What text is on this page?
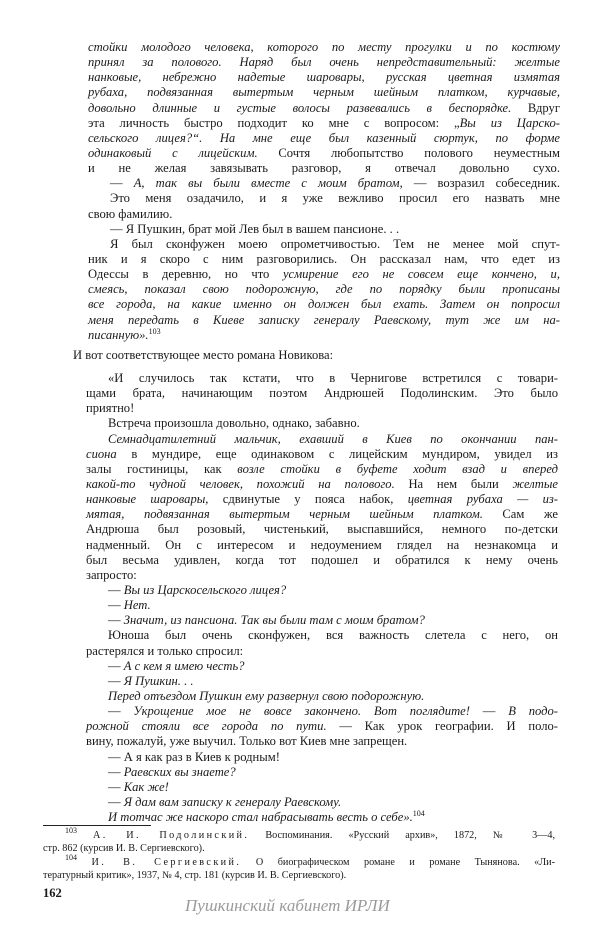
стойки молодого человека, которого по месту прогулки и по костюму
принял за полового. Наряд был очень непредставительный: желтые
нанковые, небрежно надетые шаровары, русская цветная измятая
рубаха, подвязанная вытертым черным шейным платком, курчавые,
довольно длинные и густые волосы развевались в беспорядке. Вдруг
эта личность быстро подходит ко мне с вопросом: „Вы из Царско-
сельского лицея?“. На мне еще был казенный сюртук, по форме
одинаковый с лицейским. Сочтя любопытство полового неуместным
и не желая завязывать разговор, я отвечал довольно сухо.
— А, так вы были вместе с моим братом, — возразил собеседник.
Это меня озадачило, и я уже вежливо просил его назвать мне
свою фамилию.
— Я Пушкин, брат мой Лев был в вашем пансионе. . .
Я был сконфужен моею опрометчивостью. Тем не менее мой спут-
ник и я скоро с ним разговорились. Он рассказал нам, что едет из
Одессы в деревню, но что усмирение его не совсем еще кончено, и,
смеясь, показал свою подорожную, где по порядку были прописаны
все города, на какие именно он должен был ехать. Затем он попросил
меня передать в Киеве записку генералу Раевскому, тут же им на-
писанную».$^{103}$
И вот соответствующее место романа Новикова:
«И случилось так кстати, что в Чернигове встретился с товари-
щами брата, начинающим поэтом Андрюшей Подолинским. Это было
приятно!
Встреча произошла довольно, однако, забавно.
Семнадцатилетний мальчик, ехавший в Киев по окончании пан-
сиона в мундире, еще одинаковом с лицейским мундиром, увидел из
залы гостиницы, как возле стойки в буфете ходит взад и вперед
какой-то чудной человек, похожий на полового. На нем были желтые
нанковые шаровары, сдвинутые у пояса набок, цветная рубаха — из-
мятая, подвязанная вытертым черным шейным платком. Сам же
Андрюша был розовый, чистенький, выспавшийся, немного по-детски
надменный. Он с интересом и недоумением глядел на незнакомца и
был весьма удивлен, когда тот подошел и обратился к нему очень
запросто:
— Вы из Царскосельского лицея?
— Нет.
— Значит, из пансиона. Так вы были там с моим братом?
Юноша был очень сконфужен, вся важность слетела с него, он
растерялся и только спросил:
— А с кем я имею честь?
— Я Пушкин. . .
Перед отъездом Пушкин ему развернул свою подорожную.
— Укрощение мое не вовсе закончено. Вот поглядите! — В подо-
рожной стояли все города по пути. — Как урок географии. И поло-
вину, пожалуй, уже выучил. Только вот Киев мне запрещен.
— А я как раз в Киев к родным!
— Раевских вы знаете?
— Как же!
— Я дам вам записку к генералу Раевскому.
И тотчас же наскоро стал набрасывать весть о себе».$^{104}$
$^{103}$ А. И. Подолинский. Воспоминания. «Русский архив», 1872, № 3—4,
стр. 862 (курсив И. В. Сергиевского).
$^{104}$ И. В. Сергиевский. О биографическом романе и романе Тынянова. «Ли-
тературный критик», 1937, № 4, стр. 181 (курсив И. В. Сергиевского).
162
Пушкинский кабинет ИРЛИ
